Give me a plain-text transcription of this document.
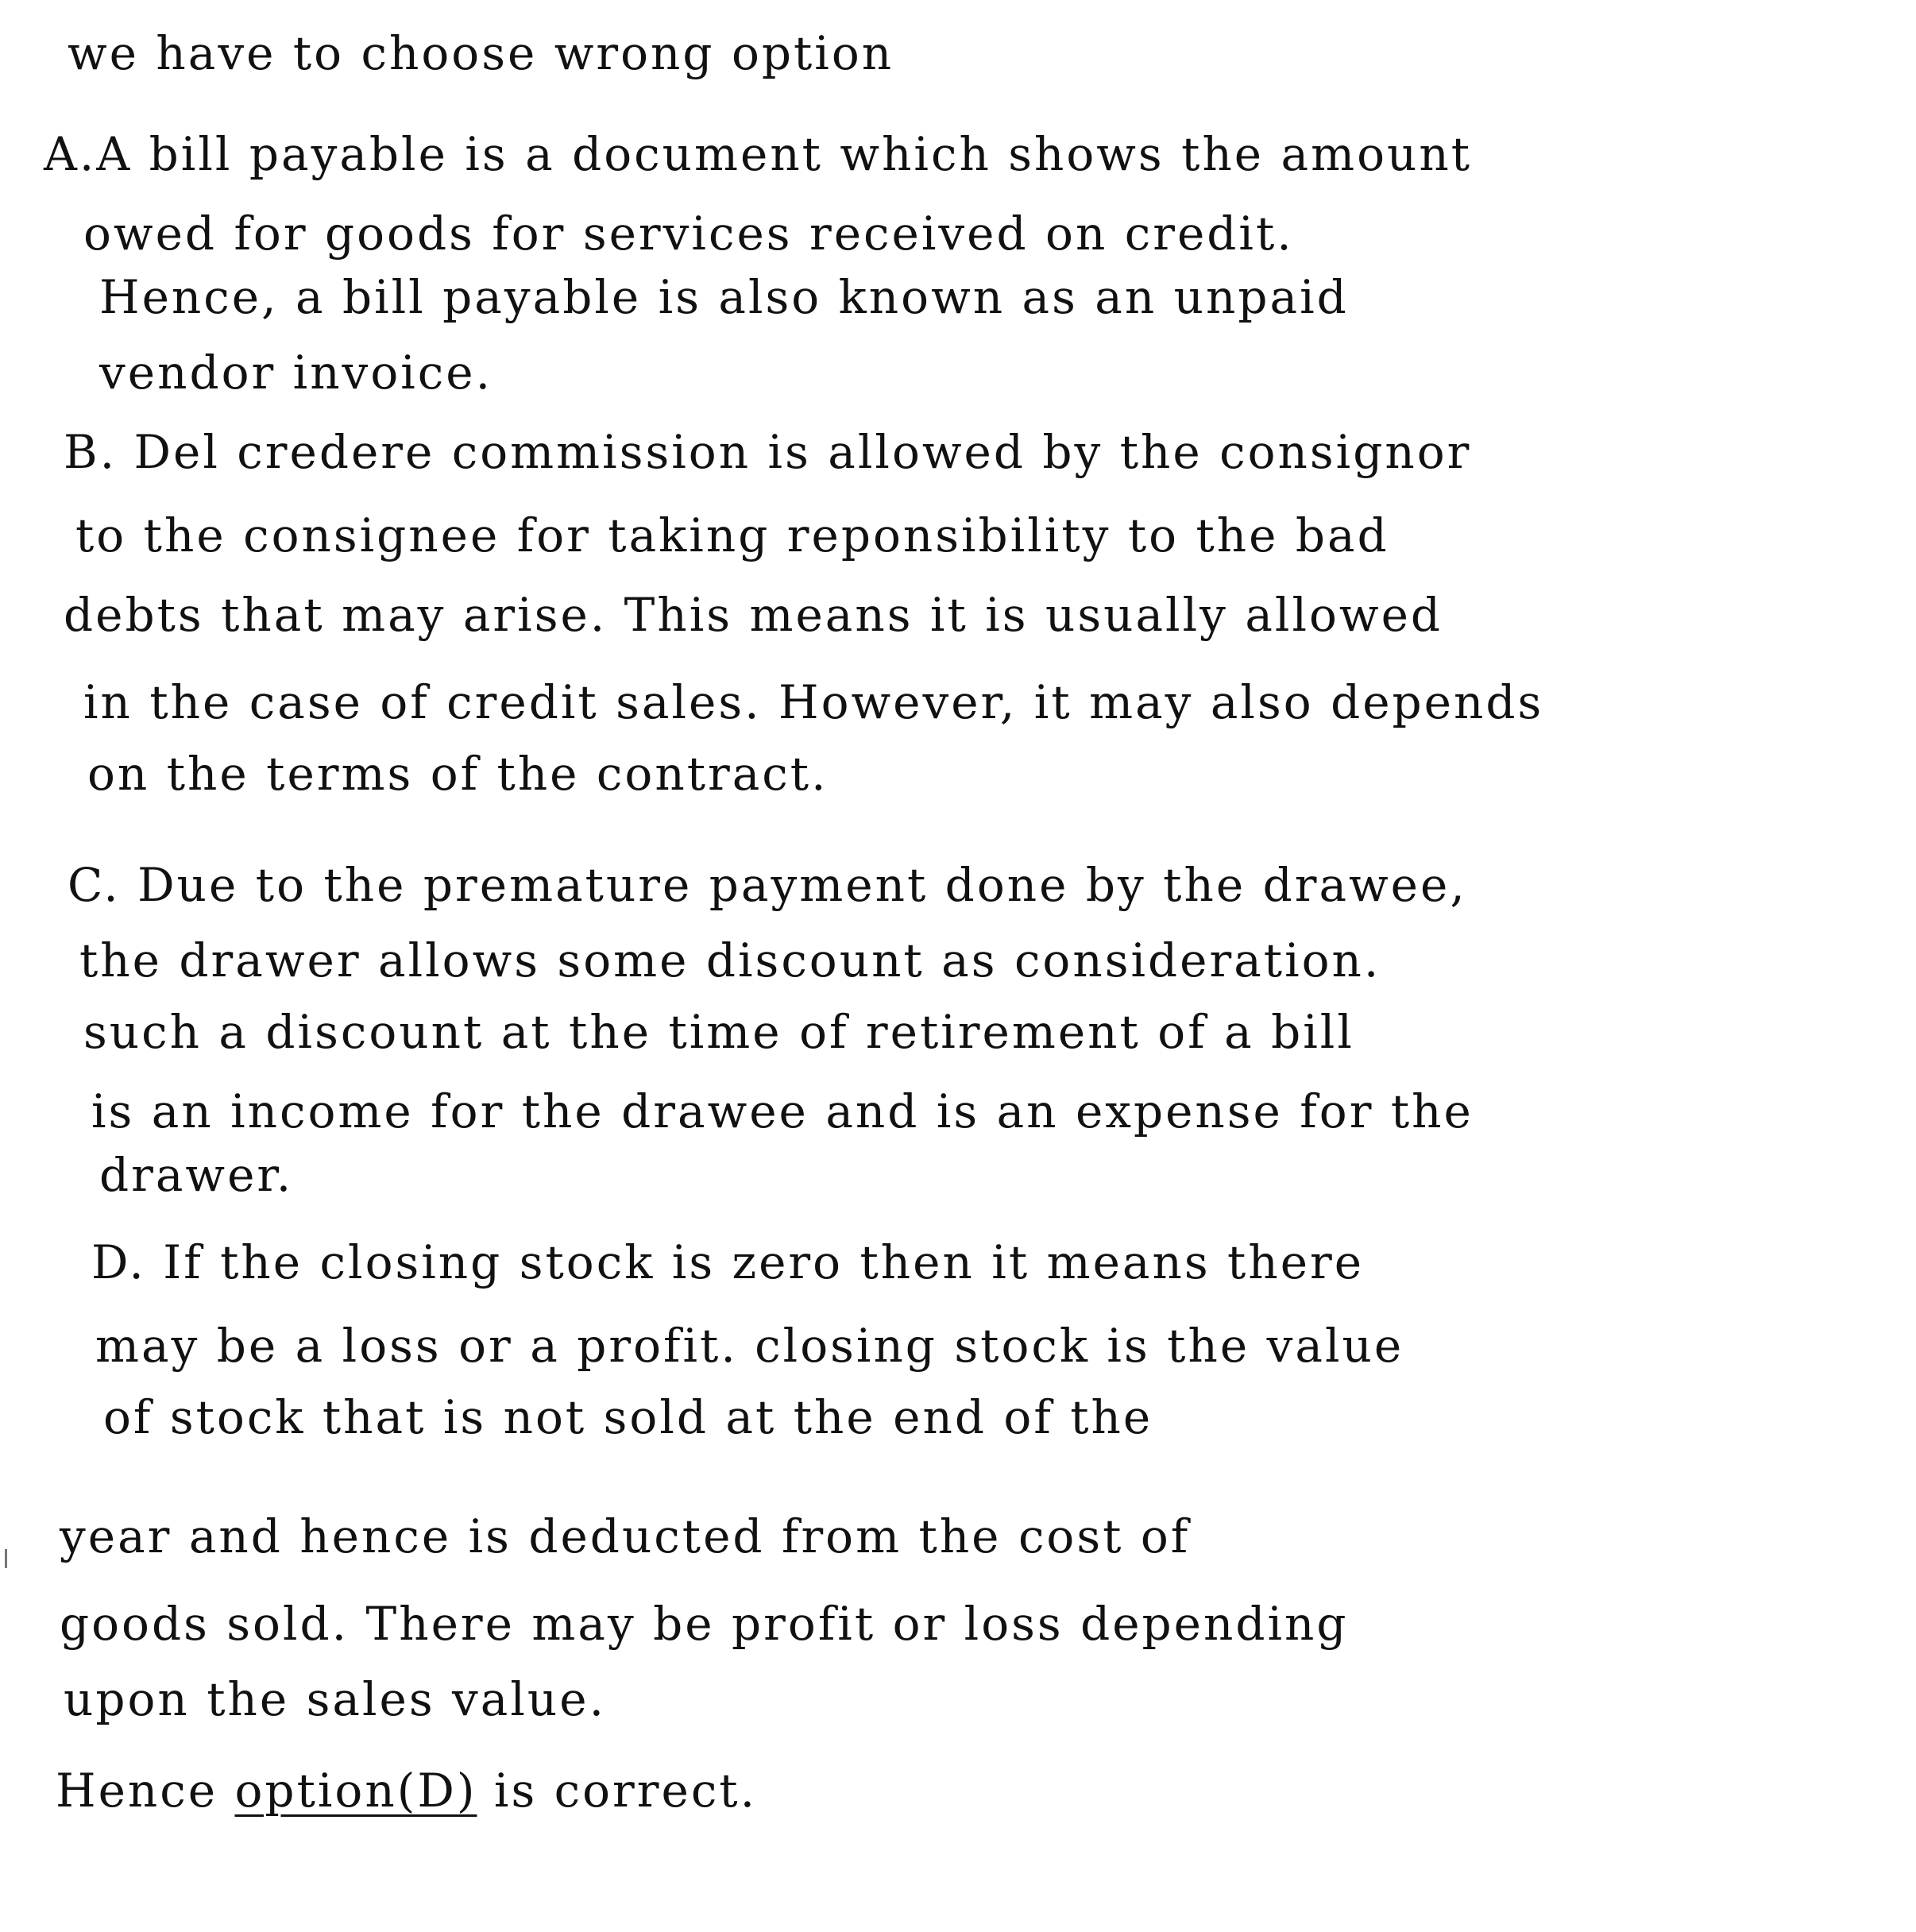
we have to choose wrong option
A.A bill payable is a document which shows the amount
owed for goods for services received on credit.
Hence, a bill payable is also known as an unpaid
vendor invoice.
B. Del credere commission is allowed by the consignor
to the consignee for taking reponsibility to the bad
debts that may arise. This means it is usually allowed
in the case of credit sales. However, it may also depends
on the terms of the contract.
C. Due to the premature payment done by the drawee,
the drawer allows some discount as consideration.
such a discount at the time of retirement of a bill
is an income for the drawee and is an expense for the
drawer.
D. If the closing stock is zero then it means there
may be a loss or a profit. closing stock is the value
of stock that is not sold at the end of the
year and hence is deducted from the cost of
goods sold. There may be profit or loss depending
upon the sales value.
Hence option(D) is correct.
